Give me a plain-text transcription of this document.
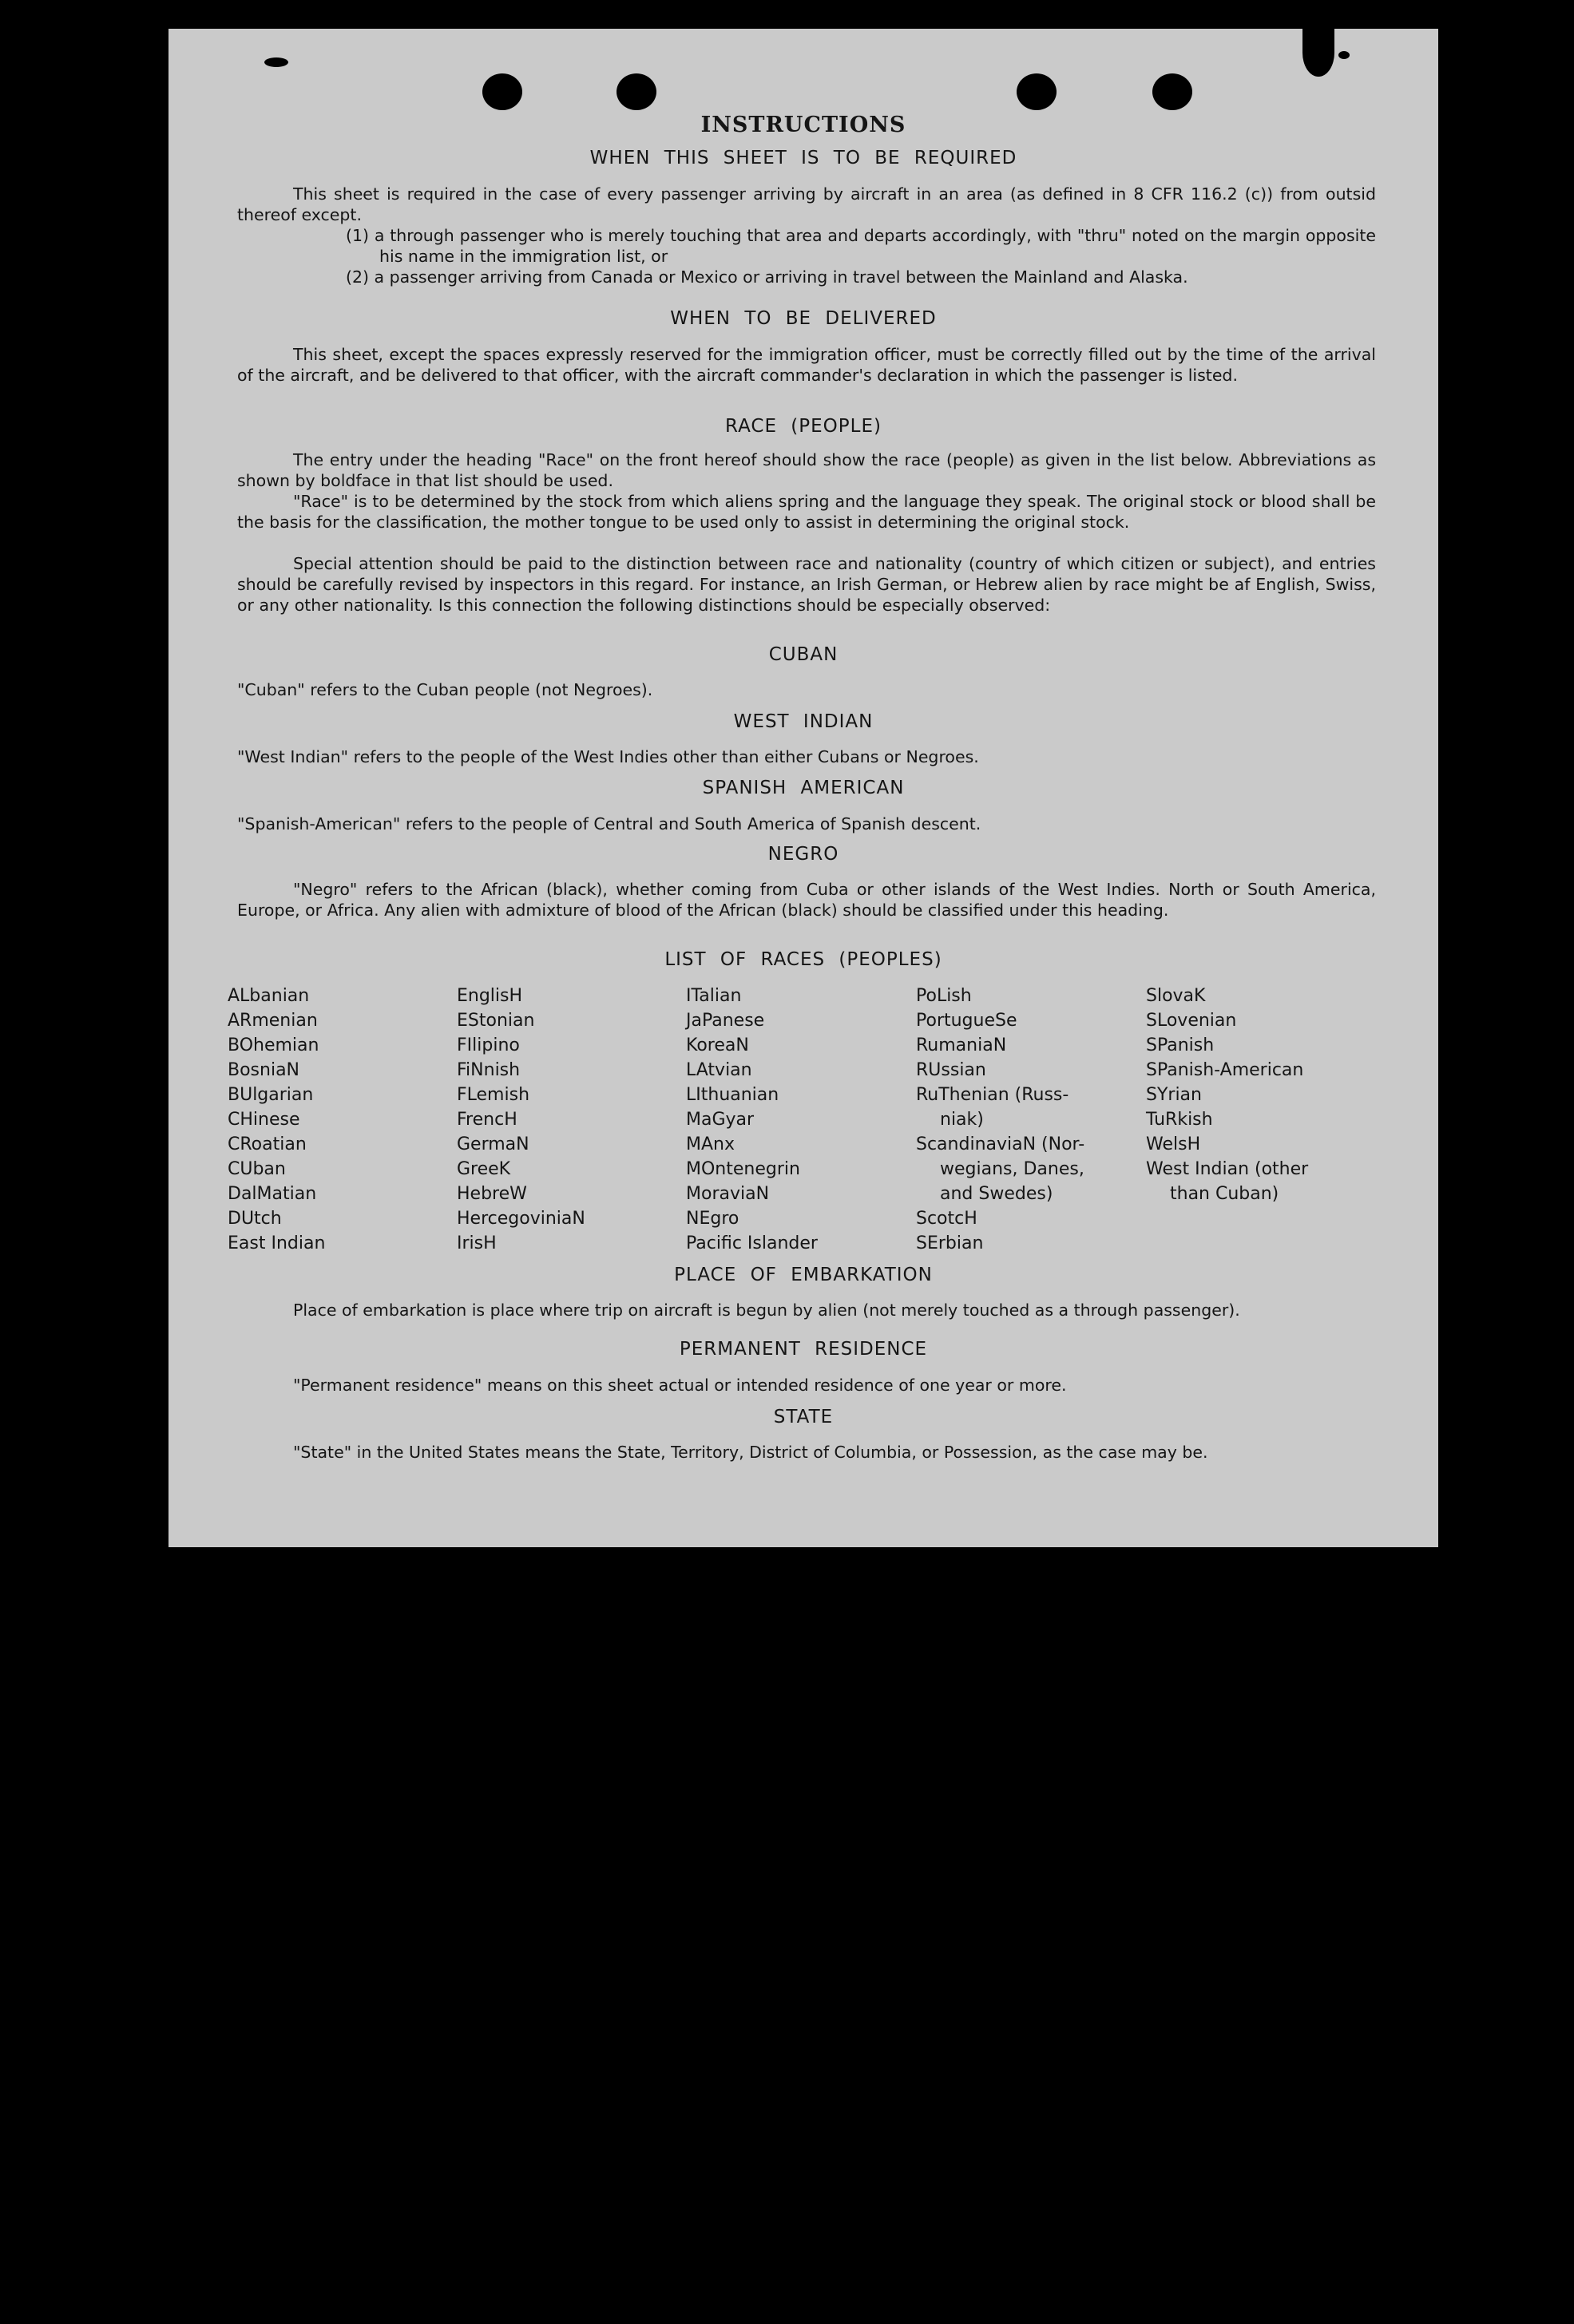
INSTRUCTIONS
WHEN THIS SHEET IS TO BE REQUIRED
This sheet is required in the case of every passenger arriving by aircraft in an area (as defined in 8 CFR 116.2 (c)) from outsid thereof except.
(1) a through passenger who is merely touching that area and departs accordingly, with "thru" noted on the margin opposite his name in the immigration list, or
(2) a passenger arriving from Canada or Mexico or arriving in travel between the Mainland and Alaska.
WHEN TO BE DELIVERED
This sheet, except the spaces expressly reserved for the immigration officer, must be correctly filled out by the time of the arrival of the aircraft, and be delivered to that officer, with the aircraft commander's declaration in which the passenger is listed.
RACE (PEOPLE)
The entry under the heading "Race" on the front hereof should show the race (people) as given in the list below. Abbreviations as shown by boldface in that list should be used.
"Race" is to be determined by the stock from which aliens spring and the language they speak. The original stock or blood shall be the basis for the classification, the mother tongue to be used only to assist in determining the original stock.
Special attention should be paid to the distinction between race and nationality (country of which citizen or subject), and entries should be carefully revised by inspectors in this regard. For instance, an Irish German, or Hebrew alien by race might be af English, Swiss, or any other nationality. Is this connection the following distinctions should be especially observed:
CUBAN
"Cuban" refers to the Cuban people (not Negroes).
WEST INDIAN
"West Indian" refers to the people of the West Indies other than either Cubans or Negroes.
SPANISH AMERICAN
"Spanish-American" refers to the people of Central and South America of Spanish descent.
NEGRO
"Negro" refers to the African (black), whether coming from Cuba or other islands of the West Indies. North or South America, Europe, or Africa. Any alien with admixture of blood of the African (black) should be classified under this heading.
LIST OF RACES (PEOPLES)
ALbanian
ARmenian
BOhemian
BosniaN
BUlgarian
CHinese
CRoatian
CUban
DalMatian
DUtch
East Indian
EnglisH
EStonian
FIlipino
FiNnish
FLemish
FrencH
GermaN
GreeK
HebreW
HercegoviniaN
IrisH
ITalian
JaPanese
KoreaN
LAtvian
LIthuanian
MaGyar
MAnx
MOntenegrin
MoraviaN
NEgro
Pacific Islander
PoLish
PortugueSe
RumaniaN
RUssian
RuThenian (Russ-
niak)
ScandinaviaN (Nor-
wegians, Danes,
and Swedes)
ScotcH
SErbian
SlovaK
SLovenian
SPanish
SPanish-American
SYrian
TuRkish
WelsH
West Indian (other
than Cuban)
PLACE OF EMBARKATION
Place of embarkation is place where trip on aircraft is begun by alien (not merely touched as a through passenger).
PERMANENT RESIDENCE
"Permanent residence" means on this sheet actual or intended residence of one year or more.
STATE
"State" in the United States means the State, Territory, District of Columbia, or Possession, as the case may be.
